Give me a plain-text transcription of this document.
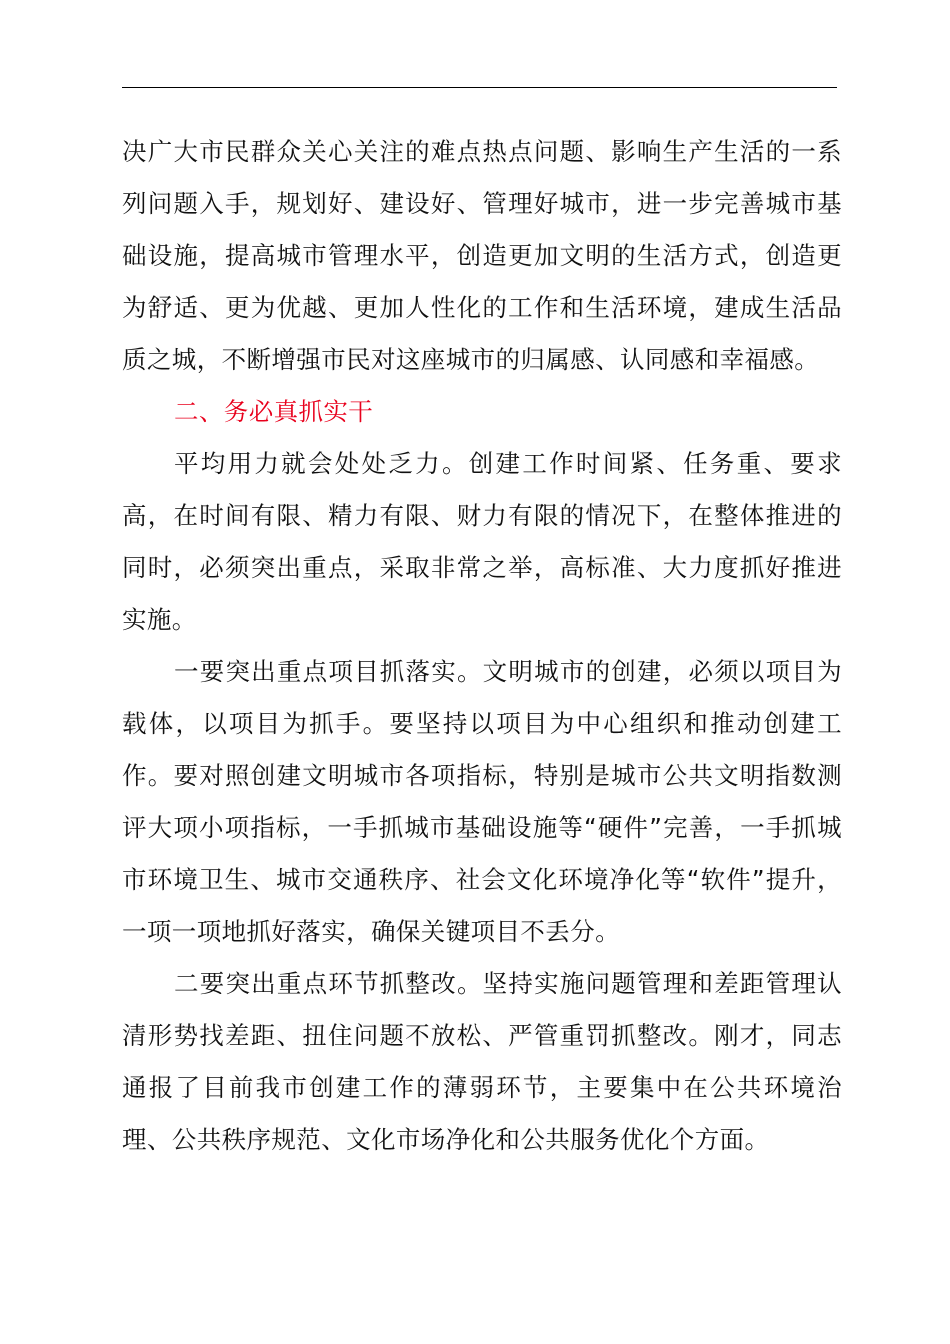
决广大市民群众关心关注的难点热点问题、影响生产生活的一系列问题入手，规划好、建设好、管理好城市，进一步完善城市基础设施，提高城市管理水平，创造更加文明的生活方式，创造更为舒适、更为优越、更加人性化的工作和生活环境，建成生活品质之城，不断增强市民对这座城市的归属感、认同感和幸福感。

二、务必真抓实干

平均用力就会处处乏力。创建工作时间紧、任务重、要求高，在时间有限、精力有限、财力有限的情况下，在整体推进的同时，必须突出重点，采取非常之举，高标准、大力度抓好推进实施。

一要突出重点项目抓落实。文明城市的创建，必须以项目为载体，以项目为抓手。要坚持以项目为中心组织和推动创建工作。要对照创建文明城市各项指标，特别是城市公共文明指数测评大项小项指标，一手抓城市基础设施等“硬件”完善，一手抓城市环境卫生、城市交通秩序、社会文化环境净化等“软件”提升，一项一项地抓好落实，确保关键项目不丢分。

二要突出重点环节抓整改。坚持实施问题管理和差距管理认清形势找差距、扭住问题不放松、严管重罚抓整改。刚才，同志通报了目前我市创建工作的薄弱环节，主要集中在公共环境治理、公共秩序规范、文化市场净化和公共服务优化个方面。
